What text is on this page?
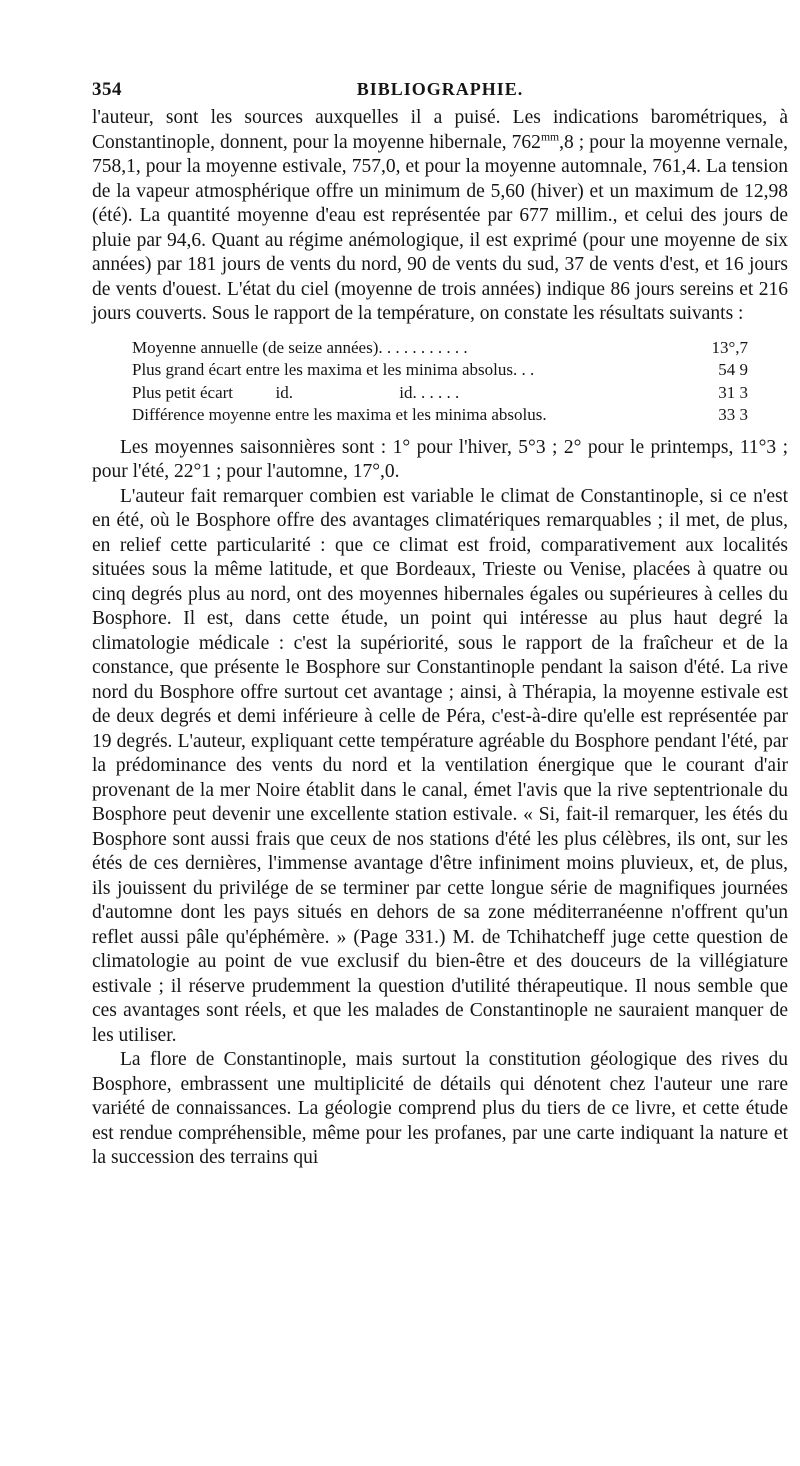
354	BIBLIOGRAPHIE.

l'auteur, sont les sources auxquelles il a puisé. Les indications barométriques, à Constantinople, donnent, pour la moyenne hibernale, $762^{mm},8$ ; pour la moyenne vernale, 758,1, pour la moyenne estivale, 757,0, et pour la moyenne automnale, 761,4. La tension de la vapeur atmosphérique offre un minimum de 5,60 (hiver) et un maximum de 12,98 (été). La quantité moyenne d'eau est représentée par 677 millim., et celui des jours de pluie par 94,6. Quant au régime anémologique, il est exprimé (pour une moyenne de six années) par 181 jours de vents du nord, 90 de vents du sud, 37 de vents d'est, et 16 jours de vents d'ouest. L'état du ciel (moyenne de trois années) indique 86 jours sereins et 216 jours couverts. Sous le rapport de la température, on constate les résultats suivants :

Moyenne annuelle (de seize années). . . . . . . . . . .	13°,7
Plus grand écart entre les maxima et les minima absolus. . .	54 9
Plus petit écart          id.                         id. . . . . .	31 3
Différence moyenne entre les maxima et les minima absolus.	33 3

Les moyennes saisonnières sont : 1° pour l'hiver, 5°3 ; 2° pour le printemps, 11°3 ; pour l'été, 22°1 ; pour l'automne, 17°,0.

L'auteur fait remarquer combien est variable le climat de Constantinople, si ce n'est en été, où le Bosphore offre des avantages climatériques remarquables ; il met, de plus, en relief cette particularité : que ce climat est froid, comparativement aux localités situées sous la même latitude, et que Bordeaux, Trieste ou Venise, placées à quatre ou cinq degrés plus au nord, ont des moyennes hibernales égales ou supérieures à celles du Bosphore. Il est, dans cette étude, un point qui intéresse au plus haut degré la climatologie médicale : c'est la supériorité, sous le rapport de la fraîcheur et de la constance, que présente le Bosphore sur Constantinople pendant la saison d'été. La rive nord du Bosphore offre surtout cet avantage ; ainsi, à Thérapia, la moyenne estivale est de deux degrés et demi inférieure à celle de Péra, c'est-à-dire qu'elle est représentée par 19 degrés. L'auteur, expliquant cette température agréable du Bosphore pendant l'été, par la prédominance des vents du nord et la ventilation énergique que le courant d'air provenant de la mer Noire établit dans le canal, émet l'avis que la rive septentrionale du Bosphore peut devenir une excellente station estivale. « Si, fait-il remarquer, les étés du Bosphore sont aussi frais que ceux de nos stations d'été les plus célèbres, ils ont, sur les étés de ces dernières, l'immense avantage d'être infiniment moins pluvieux, et, de plus, ils jouissent du privilége de se terminer par cette longue série de magnifiques journées d'automne dont les pays situés en dehors de sa zone méditerranéenne n'offrent qu'un reflet aussi pâle qu'éphémère. » (Page 331.) M. de Tchihatcheff juge cette question de climatologie au point de vue exclusif du bien-être et des douceurs de la villégiature estivale ; il réserve prudemment la question d'utilité thérapeutique. Il nous semble que ces avantages sont réels, et que les malades de Constantinople ne sauraient manquer de les utiliser.

La flore de Constantinople, mais surtout la constitution géologique des rives du Bosphore, embrassent une multiplicité de détails qui dénotent chez l'auteur une rare variété de connaissances. La géologie comprend plus du tiers de ce livre, et cette étude est rendue compréhensible, même pour les profanes, par une carte indiquant la nature et la succession des terrains qui
